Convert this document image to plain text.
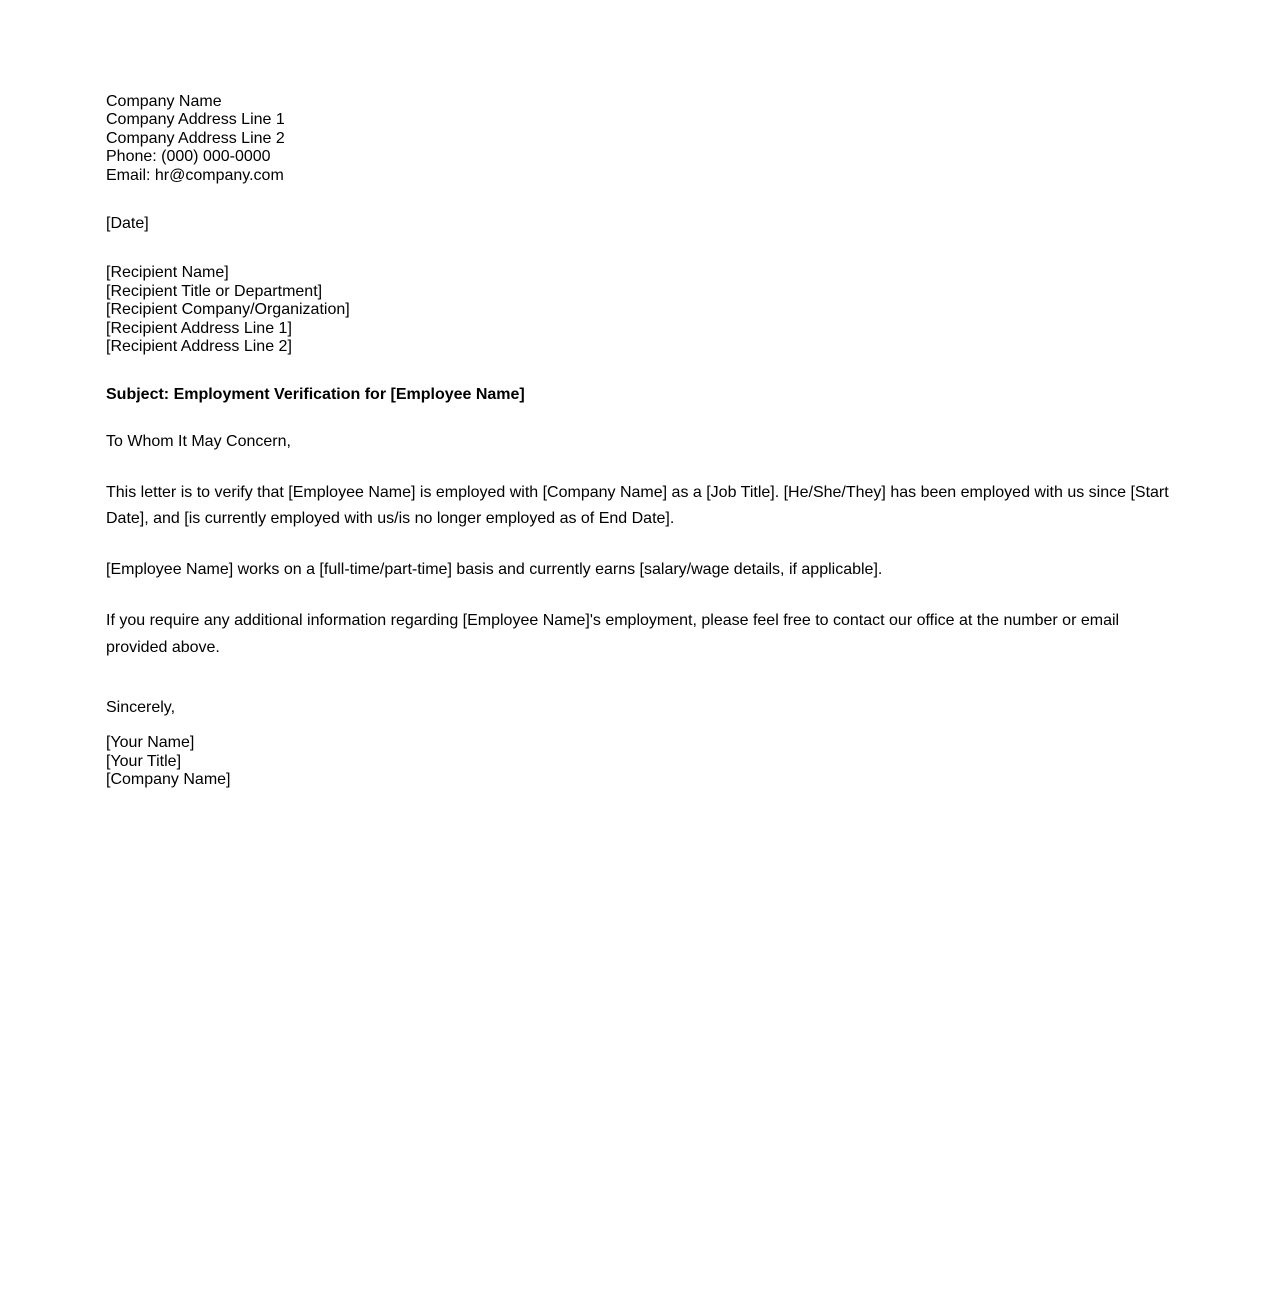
Company Name
Company Address Line 1
Company Address Line 2
Phone: (000) 000-0000
Email: hr@company.com

[Date]

[Recipient Name]
[Recipient Title or Department]
[Recipient Company/Organization]
[Recipient Address Line 1]
[Recipient Address Line 2]

Subject: Employment Verification for [Employee Name]

To Whom It May Concern,

This letter is to verify that [Employee Name] is employed with [Company Name] as a [Job Title]. [He/She/They] has been employed with us since [Start Date], and [is currently employed with us/is no longer employed as of End Date].

[Employee Name] works on a [full-time/part-time] basis and currently earns [salary/wage details, if applicable].

If you require any additional information regarding [Employee Name]'s employment, please feel free to contact our office at the number or email provided above.

Sincerely,

[Your Name]
[Your Title]
[Company Name]
